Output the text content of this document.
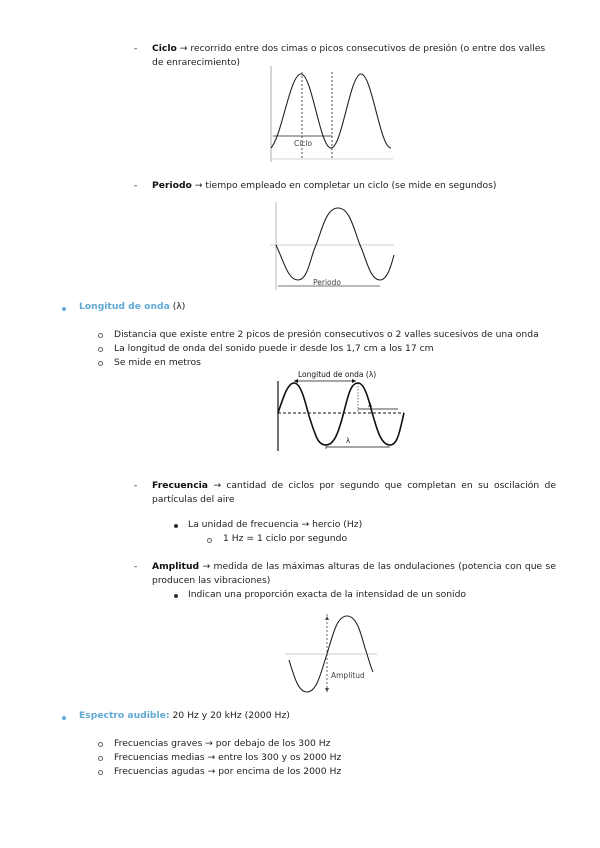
- Ciclo → recorrido entre dos cimas o picos consecutivos de presión (o entre dos valles de enrarecimiento)
Ciclo
- Periodo → tiempo empleado en completar un ciclo (se mide en segundos)
Periodo
Longitud de onda (λ)
Distancia que existe entre 2 picos de presión consecutivos o 2 valles sucesivos de una onda
La longitud de onda del sonido puede ir desde los 1,7 cm a los 17 cm
Se mide en metros
Longitud de onda (λ)
λ
λ
- Frecuencia → cantidad de ciclos por segundo que completan en su oscilación de partículas del aire
La unidad de frecuencia → hercio (Hz)
1 Hz = 1 ciclo por segundo
- Amplitud → medida de las máximas alturas de las ondulaciones (potencia con que se producen las vibraciones)
Indican una proporción exacta de la intensidad de un sonido
Amplitud
Espectro audible: 20 Hz y 20 kHz (2000 Hz)
Frecuencias graves → por debajo de los 300 Hz
Frecuencias medias → entre los 300 y os 2000 Hz
Frecuencias agudas → por encima de los 2000 Hz
